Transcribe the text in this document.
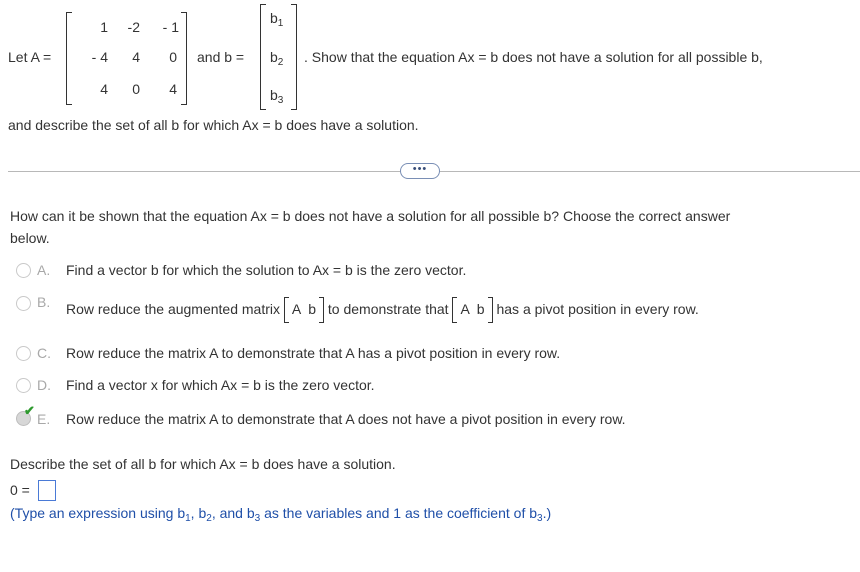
Let A =
1	-2	- 1
- 4	4	0
4	0	4
and b =
$b_1$
$b_2$
$b_3$
. Show that the equation Ax = b does not have a solution for all possible b,
and describe the set of all b for which Ax = b does have a solution.
•••
How can it be shown that the equation Ax = b does not have a solution for all possible b? Choose the correct answer
below.
A. Find a vector b for which the solution to Ax = b is the zero vector.
B. Row reduce the augmented matrix A  b to demonstrate that A  b has a pivot position in every row.
C. Row reduce the matrix A to demonstrate that A has a pivot position in every row.
D. Find a vector x for which Ax = b is the zero vector.
✔
E. Row reduce the matrix A to demonstrate that A does not have a pivot position in every row.
Describe the set of all b for which Ax = b does have a solution.
0 =
(Type an expression using $b_1$, $b_2$, and $b_3$ as the variables and 1 as the coefficient of $b_3$.)
